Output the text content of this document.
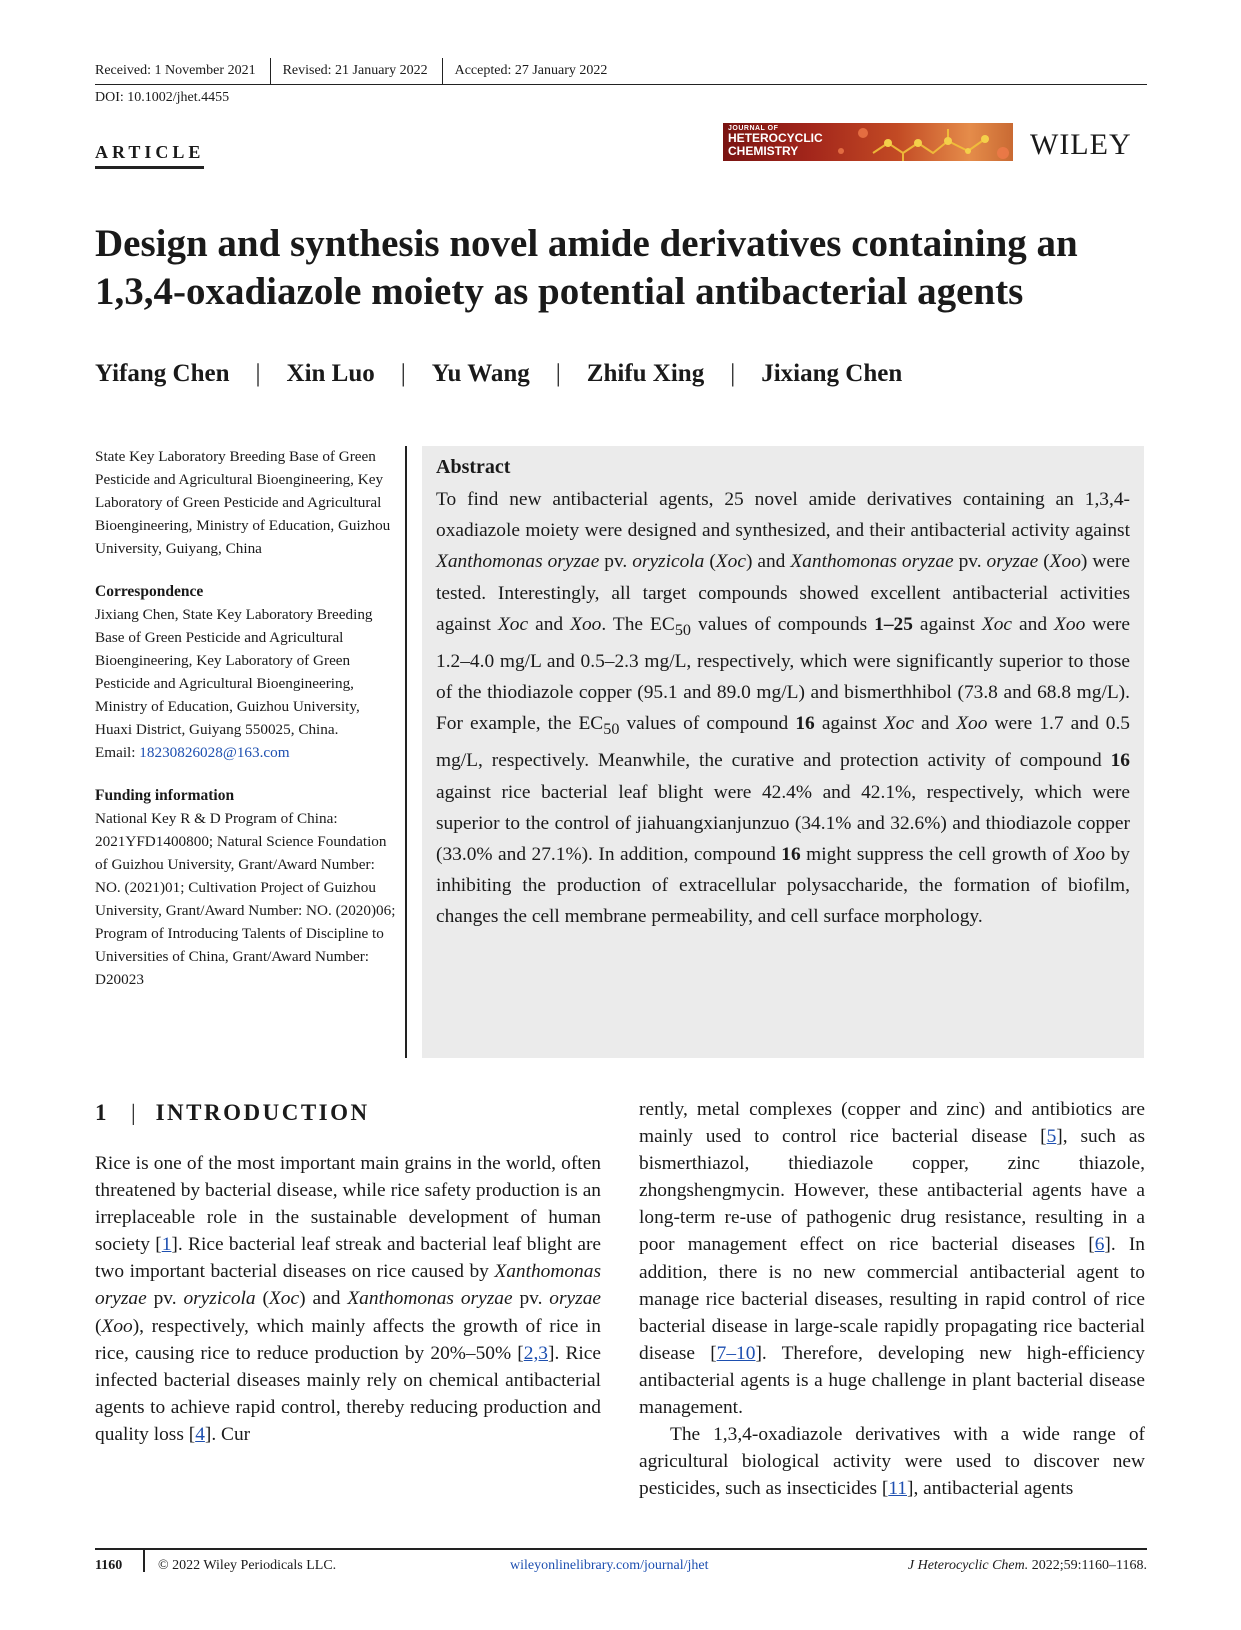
Received: 1 November 2021 Revised: 21 January 2022 Accepted: 27 January 2022
DOI: 10.1002/jhet.4455
ARTICLE
JOURNAL OF
HETEROCYCLIC
CHEMISTRY	WILEY
Design and synthesis novel amide derivatives containing an 1,3,4-oxadiazole moiety as potential antibacterial agents
Yifang Chen | Xin Luo | Yu Wang | Zhifu Xing | Jixiang Chen

State Key Laboratory Breeding Base of Green Pesticide and Agricultural Bioengineering, Key Laboratory of Green Pesticide and Agricultural Bioengineering, Ministry of Education, Guizhou University, Guiyang, China

Correspondence
Jixiang Chen, State Key Laboratory Breeding Base of Green Pesticide and Agricultural Bioengineering, Key Laboratory of Green Pesticide and Agricultural Bioengineering, Ministry of Education, Guizhou University, Huaxi District, Guiyang 550025, China.
Email: 18230826028@163.com
Funding information
National Key R & D Program of China: 2021YFD1400800; Natural Science Foundation of Guizhou University, Grant/Award Number: NO. (2021)01; Cultivation Project of Guizhou University, Grant/Award Number: NO. (2020)06; Program of Introducing Talents of Discipline to Universities of China, Grant/Award Number: D20023
Abstract

To find new antibacterial agents, 25 novel amide derivatives containing an 1,3,4-oxadiazole moiety were designed and synthesized, and their antibacterial activity against Xanthomonas oryzae pv. oryzicola (Xoc) and Xanthomonas oryzae pv. oryzae (Xoo) were tested. Interestingly, all target compounds showed excellent antibacterial activities against Xoc and Xoo. The $EC_{50}$ values of compounds 1–25 against Xoc and Xoo were 1.2–4.0 mg/L and 0.5–2.3 mg/L, respectively, which were significantly superior to those of the thiodiazole copper (95.1 and 89.0 mg/L) and bismerthhibol (73.8 and 68.8 mg/L). For example, the $EC_{50}$ values of compound 16 against Xoc and Xoo were 1.7 and 0.5 mg/L, respectively. Meanwhile, the curative and protection activity of compound 16 against rice bacterial leaf blight were 42.4% and 42.1%, respectively, which were superior to the control of jiahuangxianjunzuo (34.1% and 32.6%) and thiodiazole copper (33.0% and 27.1%). In addition, compound 16 might suppress the cell growth of Xoo by inhibiting the production of extracellular polysaccharide, the formation of biofilm, changes the cell membrane permeability, and cell surface morphology.

1 | INTRODUCTION

Rice is one of the most important main grains in the world, often threatened by bacterial disease, while rice safety production is an irreplaceable role in the sustainable development of human society [1]. Rice bacterial leaf streak and bacterial leaf blight are two important bacterial diseases on rice caused by Xanthomonas oryzae pv. oryzicola (Xoc) and Xanthomonas oryzae pv. oryzae (Xoo), respectively, which mainly affects the growth of rice in rice, causing rice to reduce production by 20%–50% [2,3]. Rice infected bacterial diseases mainly rely on chemical antibacterial agents to achieve rapid control, thereby reducing production and quality loss [4]. Cur

rently, metal complexes (copper and zinc) and antibiotics are mainly used to control rice bacterial disease [5], such as bismerthiazol, thiediazole copper, zinc thiazole, zhongshengmycin. However, these antibacterial agents have a long-term re-use of pathogenic drug resistance, resulting in a poor management effect on rice bacterial diseases [6]. In addition, there is no new commercial antibacterial agent to manage rice bacterial diseases, resulting in rapid control of rice bacterial disease in large-scale rapidly propagating rice bacterial disease [7–10]. Therefore, developing new high-efficiency antibacterial agents is a huge challenge in plant bacterial disease management.
The 1,3,4-oxadiazole derivatives with a wide range of agricultural biological activity were used to discover new pesticides, such as insecticides [11], antibacterial agents

1160	© 2022 Wiley Periodicals LLC.	wileyonlinelibrary.com/journal/jhet	J Heterocyclic Chem. 2022;59:1160–1168.
